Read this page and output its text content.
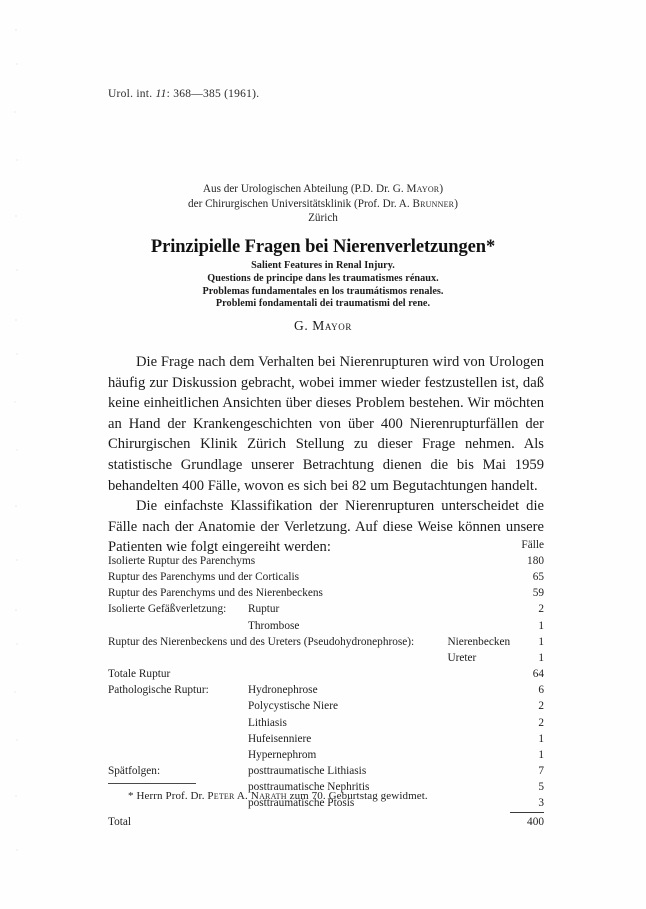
Urol. int. 11: 368—385 (1961).
Aus der Urologischen Abteilung (P.D. Dr. G. Mayor)
der Chirurgischen Universitätsklinik (Prof. Dr. A. Brunner)
Zürich
Prinzipielle Fragen bei Nierenverletzungen*
Salient Features in Renal Injury.
Questions de principe dans les traumatismes rénaux.
Problemas fundamentales en los traumátismos renales.
Problemi fondamentali dei traumatismi del rene.
G. Mayor

Die Frage nach dem Verhalten bei Nierenrupturen wird von Urologen häufig zur Diskussion gebracht, wobei immer wieder festzustellen ist, daß keine einheitlichen Ansichten über dieses Problem bestehen. Wir möchten an Hand der Krankengeschichten von über 400 Nierenrupturfällen der Chirurgischen Klinik Zürich Stellung zu dieser Frage nehmen. Als statistische Grundlage unserer Betrachtung dienen die bis Mai 1959 behandelten 400 Fälle, wovon es sich bei 82 um Begutachtungen handelt.

Die einfachste Klassifikation der Nierenrupturen unterscheidet die Fälle nach der Anatomie der Verletzung. Auf diese Weise können unsere Patienten wie folgt eingereiht werden:

				Fälle
Isolierte Ruptur des Parenchyms			180
Ruptur des Parenchyms und der Corticalis			65
Ruptur des Parenchyms und des Nierenbeckens			59
Isolierte Gefäßverletzung:	Ruptur		2
	Thrombose		1
Ruptur des Nierenbeckens und des Ureters (Pseudohydronephrose):		Nierenbecken	1
		Ureter	1
Totale Ruptur			64
Pathologische Ruptur:	Hydronephrose		6
	Polycystische Niere		2
	Lithiasis		2
	Hufeisenniere		1
	Hypernephrom		1
Spätfolgen:	posttraumatische Lithiasis		7
	posttraumatische Nephritis		5
	posttraumatische Ptosis		3
Total			400
* Herrn Prof. Dr. Peter A. Narath zum 70. Geburtstag gewidmet.
